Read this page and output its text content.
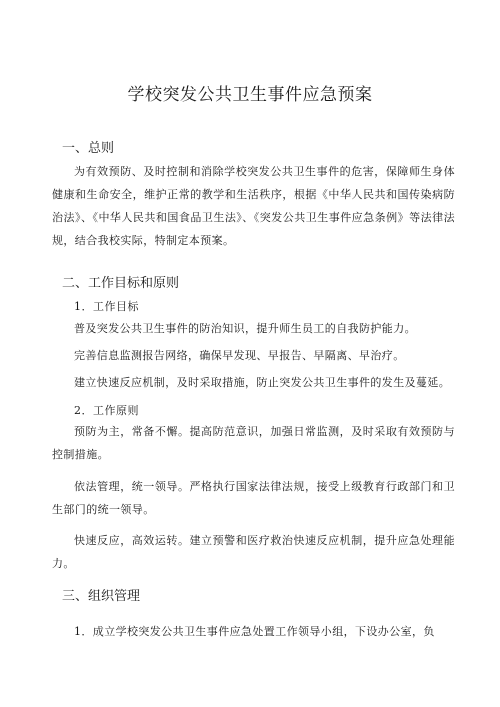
学校突发公共卫生事件应急预案
一、总则

为有效预防、及时控制和消除学校突发公共卫生事件的危害，保障师生身体健康和生命安全，维护正常的教学和生活秩序，根据《中华人民共和国传染病防治法》、《中华人民共和国食品卫生法》、《突发公共卫生事件应急条例》等法律法规，结合我校实际，特制定本预案。

二、工作目标和原则
1．工作目标

普及突发公共卫生事件的防治知识，提升师生员工的自我防护能力。

完善信息监测报告网络，确保早发现、早报告、早隔离、早治疗。

建立快速反应机制，及时采取措施，防止突发公共卫生事件的发生及蔓延。

2．工作原则

预防为主，常备不懈。提高防范意识，加强日常监测，及时采取有效预防与控制措施。

依法管理，统一领导。严格执行国家法律法规，接受上级教育行政部门和卫生部门的统一领导。

快速反应，高效运转。建立预警和医疗救治快速反应机制，提升应急处理能力。

三、组织管理

1．成立学校突发公共卫生事件应急处置工作领导小组，下设办公室，负
